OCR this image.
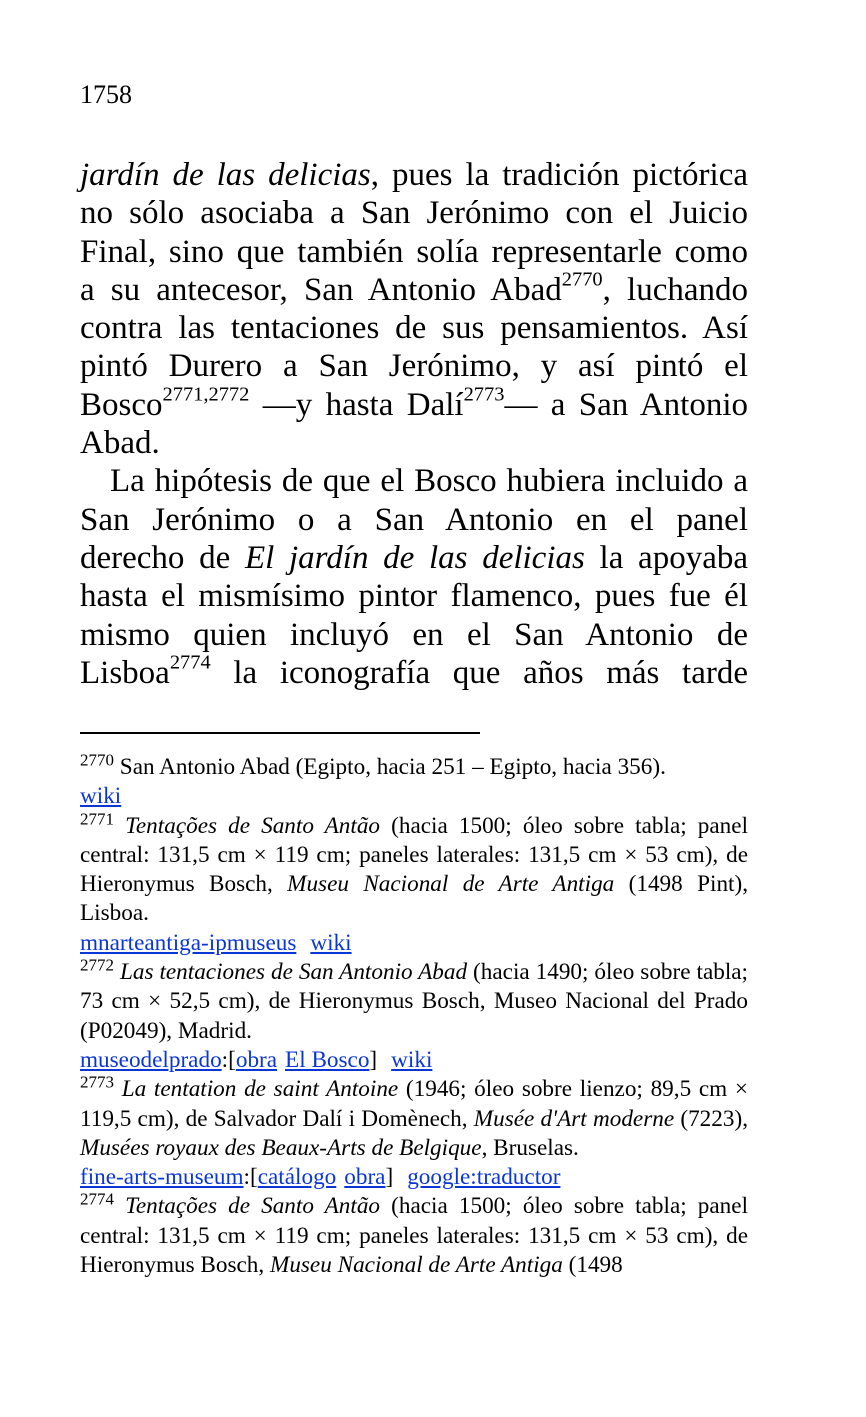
1758

jardín de las delicias, pues la tradición pictórica

no sólo asociaba a San Jerónimo con el Juicio

Final, sino que también solía representarle como

a su antecesor, San Antonio Abad$^{2770}$, luchando

contra las tentaciones de sus pensamientos. Así

pintó Durero a San Jerónimo, y así pintó el

Bosco$^{2771,2772}$ —y hasta Dalí$^{2773}$— a San Antonio

Abad.

La hipótesis de que el Bosco hubiera incluido a

San Jerónimo o a San Antonio en el panel

derecho de El jardín de las delicias la apoyaba

hasta el mismísimo pintor flamenco, pues fue él

mismo quien incluyó en el San Antonio de

Lisboa$^{2774}$ la iconografía que años más tarde

$^{2770}$ San Antonio Abad (Egipto, hacia 251 – Egipto, hacia 356).

wiki

$^{2771}$ Tentações de Santo Antão (hacia 1500; óleo sobre tabla; panel central: 131,5 cm × 119 cm; paneles laterales: 131,5 cm × 53 cm), de Hieronymus Bosch, Museu Nacional de Arte Antiga (1498 Pint), Lisboa.

mnarteantiga-ipmuseus wiki

$^{2772}$ Las tentaciones de San Antonio Abad (hacia 1490; óleo sobre tabla; 73 cm × 52,5 cm), de Hieronymus Bosch, Museo Nacional del Prado (P02049), Madrid.

museodelprado:[obra El Bosco] wiki

$^{2773}$ La tentation de saint Antoine (1946; óleo sobre lienzo; 89,5 cm × 119,5 cm), de Salvador Dalí i Domènech, Musée d'Art moderne (7223), Musées royaux des Beaux-Arts de Belgique, Bruselas.

fine-arts-museum:[catálogo obra] google:traductor

$^{2774}$ Tentações de Santo Antão (hacia 1500; óleo sobre tabla; panel central: 131,5 cm × 119 cm; paneles laterales: 131,5 cm × 53 cm), de Hieronymus Bosch, Museu Nacional de Arte Antiga (1498
